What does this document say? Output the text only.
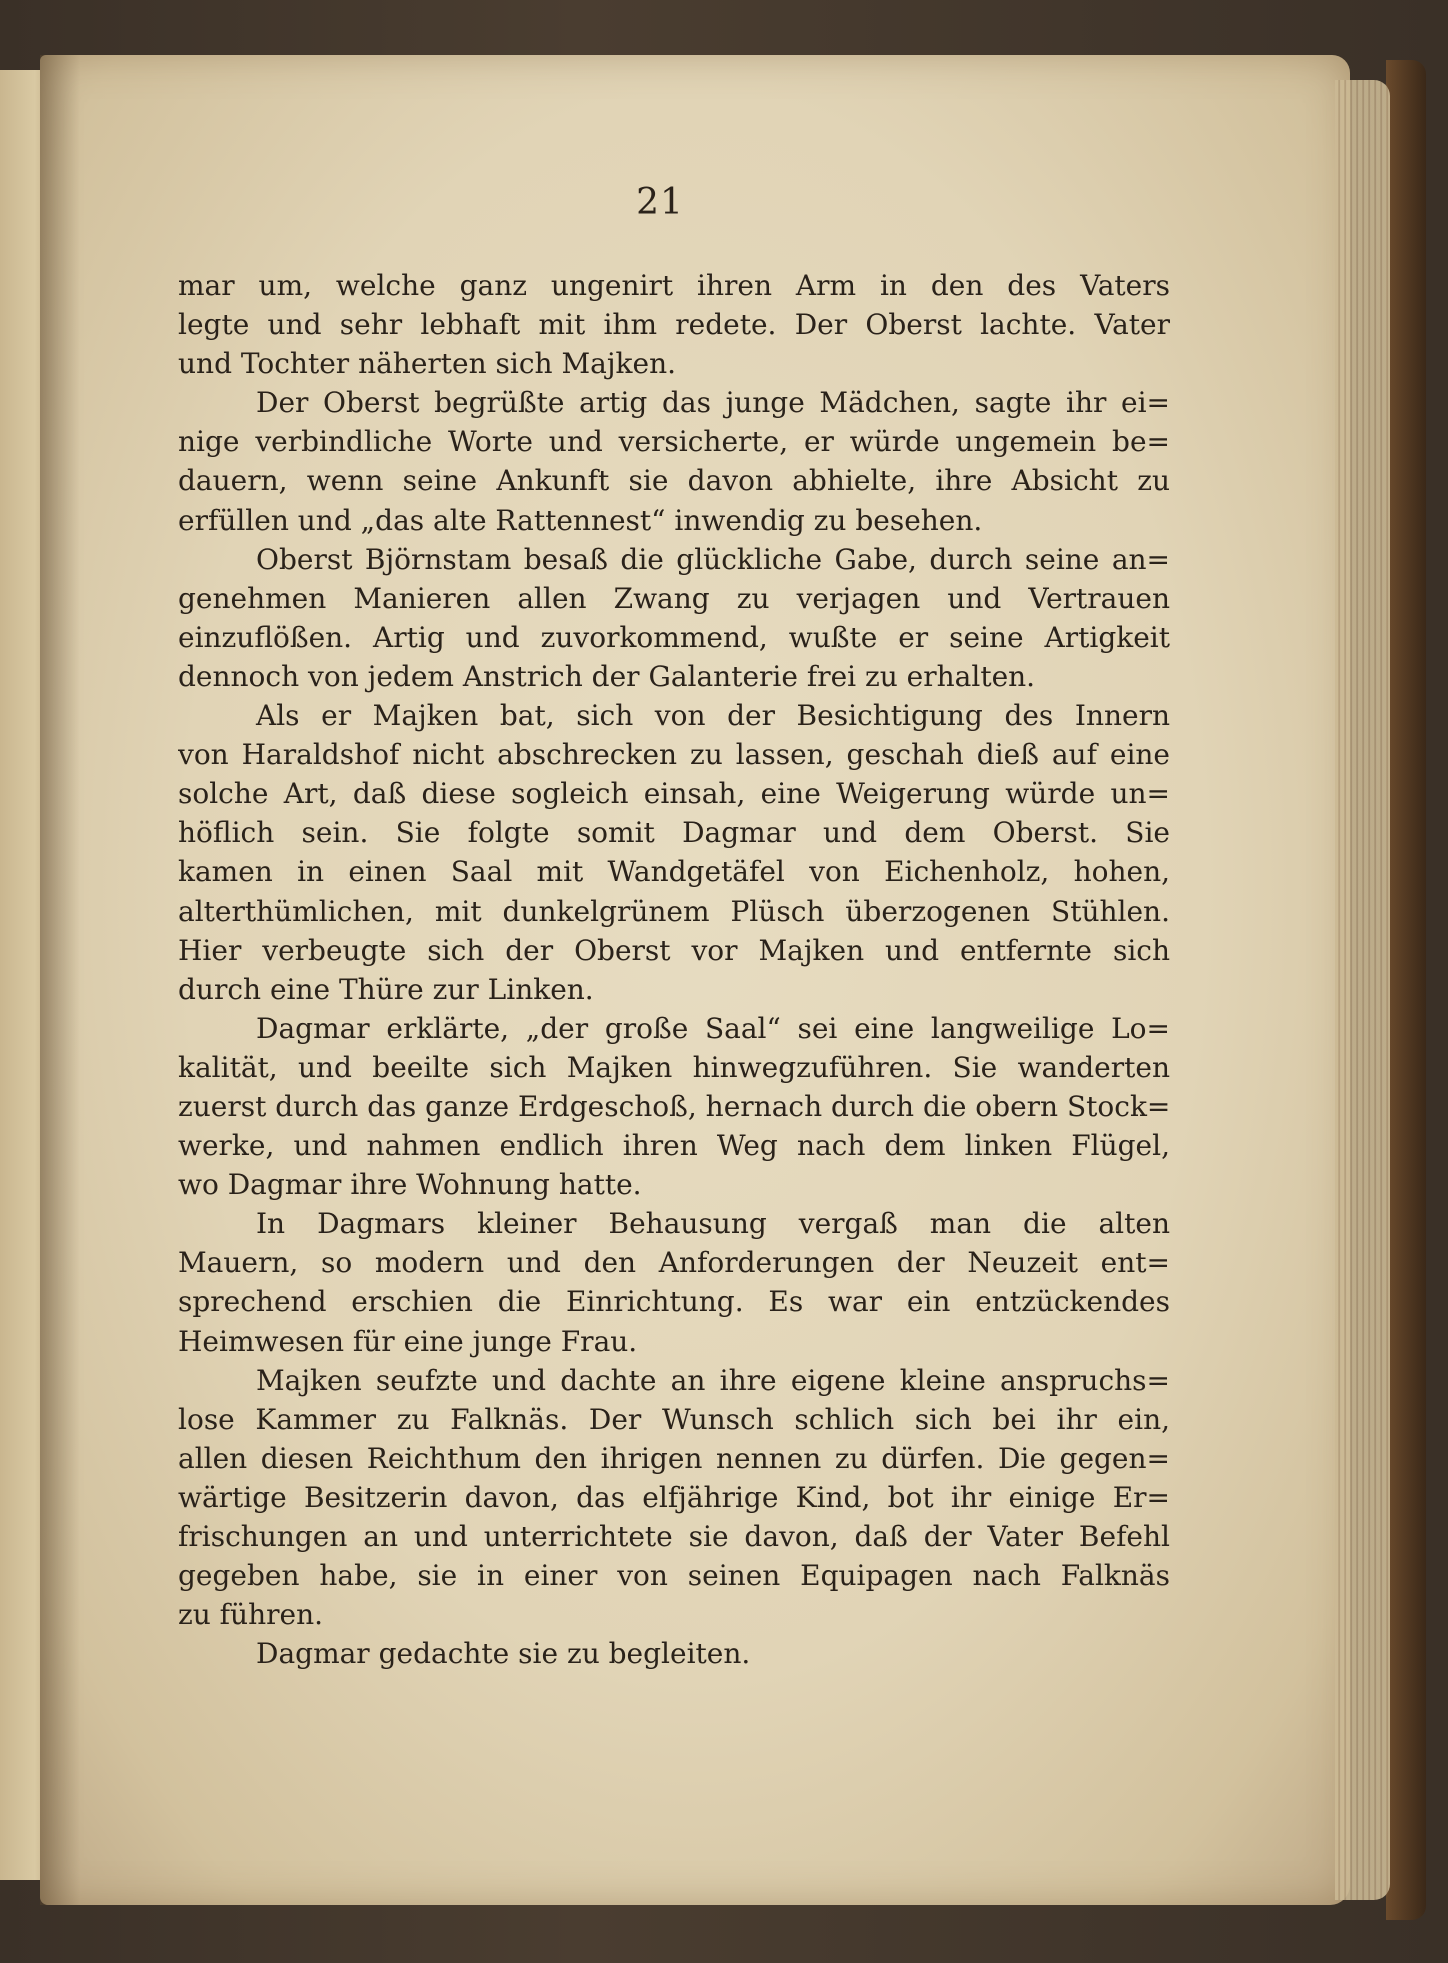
21
mar um, welche ganz ungenirt ihren Arm in den des Vaters
legte und sehr lebhaft mit ihm redete. Der Oberst lachte. Vater
und Tochter näherten sich Majken.
Der Oberst begrüßte artig das junge Mädchen, sagte ihr ei=
nige verbindliche Worte und versicherte, er würde ungemein be=
dauern, wenn seine Ankunft sie davon abhielte, ihre Absicht zu
erfüllen und „das alte Rattennest“ inwendig zu besehen.
Oberst Björnstam besaß die glückliche Gabe, durch seine an=
genehmen Manieren allen Zwang zu verjagen und Vertrauen
einzuflößen. Artig und zuvorkommend, wußte er seine Artigkeit
dennoch von jedem Anstrich der Galanterie frei zu erhalten.
Als er Majken bat, sich von der Besichtigung des Innern
von Haraldshof nicht abschrecken zu lassen, geschah dieß auf eine
solche Art, daß diese sogleich einsah, eine Weigerung würde un=
höflich sein. Sie folgte somit Dagmar und dem Oberst. Sie
kamen in einen Saal mit Wandgetäfel von Eichenholz, hohen,
alterthümlichen, mit dunkelgrünem Plüsch überzogenen Stühlen.
Hier verbeugte sich der Oberst vor Majken und entfernte sich
durch eine Thüre zur Linken.
Dagmar erklärte, „der große Saal“ sei eine langweilige Lo=
kalität, und beeilte sich Majken hinwegzuführen. Sie wanderten
zuerst durch das ganze Erdgeschoß, hernach durch die obern Stock=
werke, und nahmen endlich ihren Weg nach dem linken Flügel,
wo Dagmar ihre Wohnung hatte.
In Dagmars kleiner Behausung vergaß man die alten
Mauern, so modern und den Anforderungen der Neuzeit ent=
sprechend erschien die Einrichtung. Es war ein entzückendes
Heimwesen für eine junge Frau.
Majken seufzte und dachte an ihre eigene kleine anspruchs=
lose Kammer zu Falknäs. Der Wunsch schlich sich bei ihr ein,
allen diesen Reichthum den ihrigen nennen zu dürfen. Die gegen=
wärtige Besitzerin davon, das elfjährige Kind, bot ihr einige Er=
frischungen an und unterrichtete sie davon, daß der Vater Befehl
gegeben habe, sie in einer von seinen Equipagen nach Falknäs
zu führen.
Dagmar gedachte sie zu begleiten.
